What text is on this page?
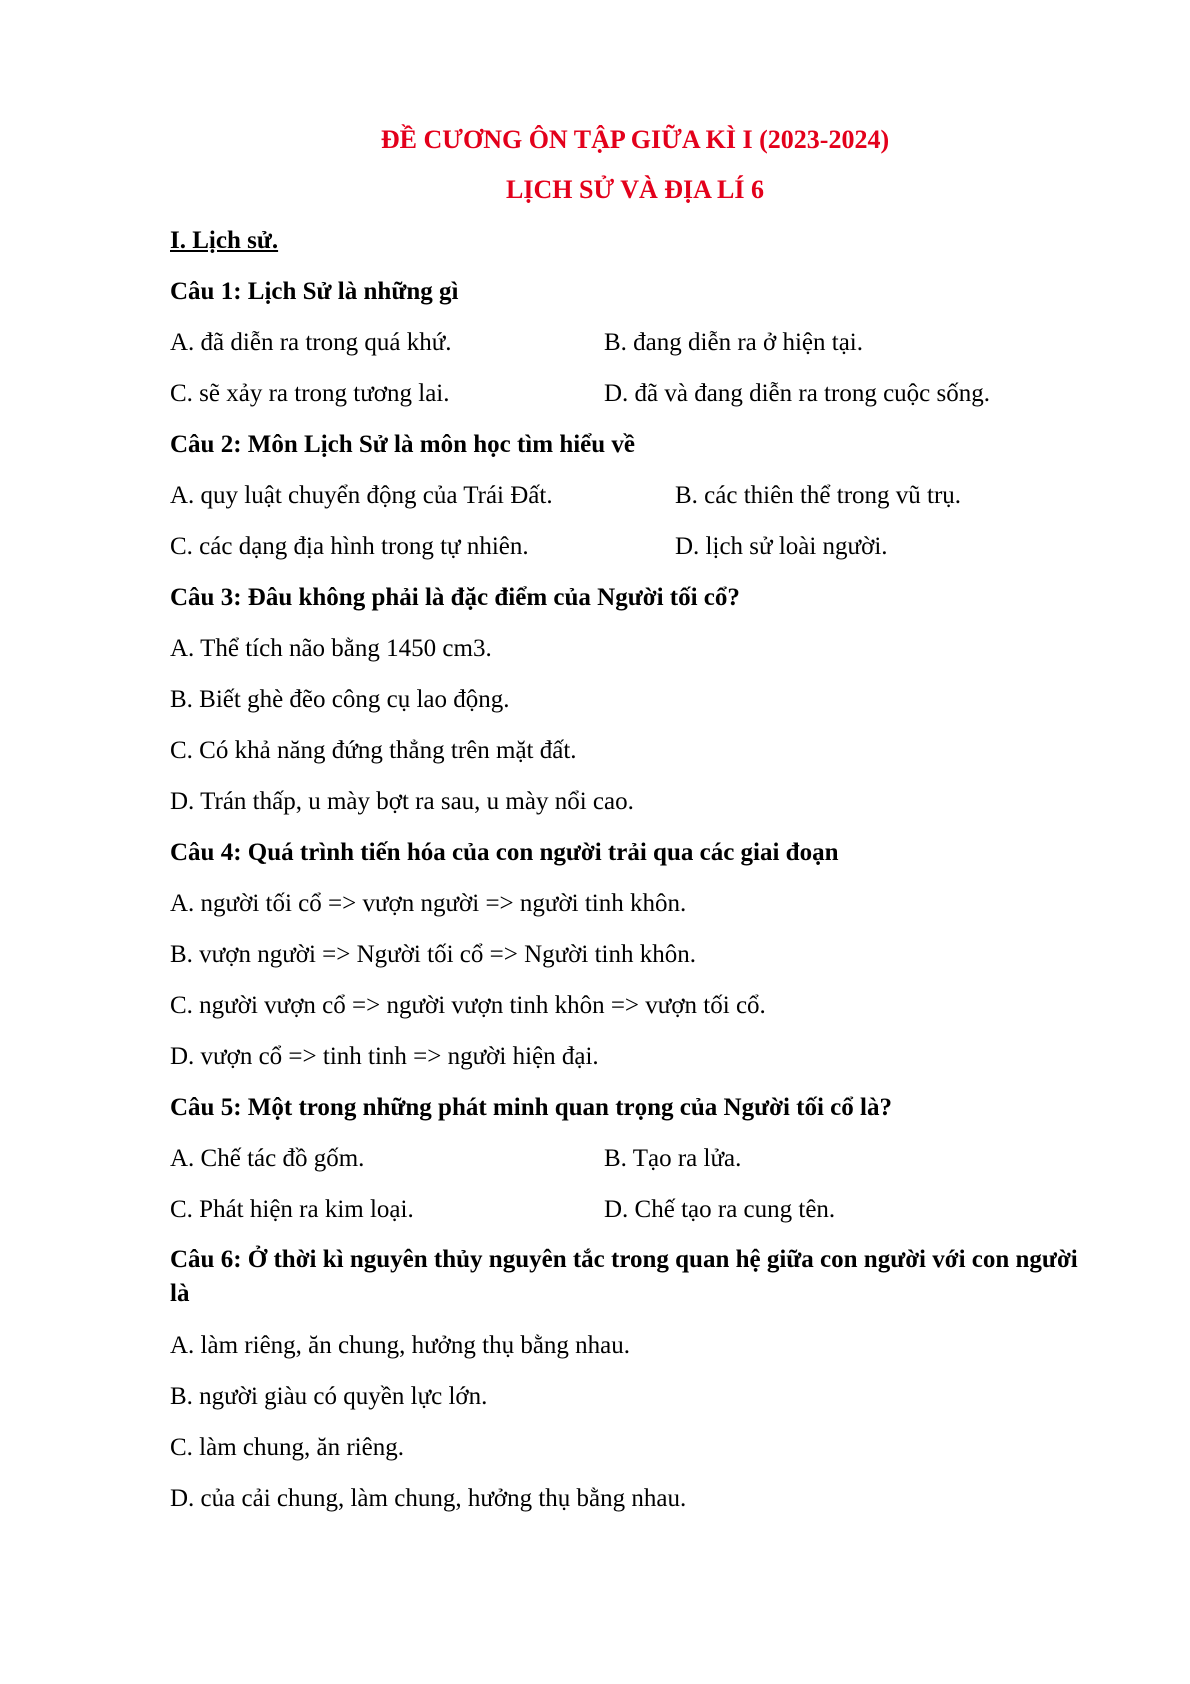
ĐỀ CƯƠNG ÔN TẬP GIỮA KÌ I (2023-2024)

LỊCH SỬ VÀ ĐỊA LÍ 6

I. Lịch sử.

Câu 1: Lịch Sử là những gì

A. đã diễn ra trong quá khứ.	B. đang diễn ra ở hiện tại.
C. sẽ xảy ra trong tương lai.	D. đã và đang diễn ra trong cuộc sống.

Câu 2: Môn Lịch Sử là môn học tìm hiểu về

A. quy luật chuyển động của Trái Đất.	B. các thiên thể trong vũ trụ.
C. các dạng địa hình trong tự nhiên.	D. lịch sử loài người.

Câu 3: Đâu không phải là đặc điểm của Người tối cổ?

A. Thể tích não bằng 1450 cm3.

B. Biết ghè đẽo công cụ lao động.

C. Có khả năng đứng thẳng trên mặt đất.

D. Trán thấp, u mày bợt ra sau, u mày nổi cao.

Câu 4: Quá trình tiến hóa của con người trải qua các giai đoạn

A. người tối cổ => vượn người => người tinh khôn.

B. vượn người => Người tối cổ => Người tinh khôn.

C. người vượn cổ => người vượn tinh khôn => vượn tối cổ.

D. vượn cổ => tinh tinh => người hiện đại.

Câu 5: Một trong những phát minh quan trọng của Người tối cổ là?

A. Chế tác đồ gốm.	B. Tạo ra lửa.
C. Phát hiện ra kim loại.	D. Chế tạo ra cung tên.

Câu 6: Ở thời kì nguyên thủy nguyên tắc trong quan hệ giữa con người với con người là

A. làm riêng, ăn chung, hưởng thụ bằng nhau.

B. người giàu có quyền lực lớn.

C. làm chung, ăn riêng.

D. của cải chung, làm chung, hưởng thụ bằng nhau.
